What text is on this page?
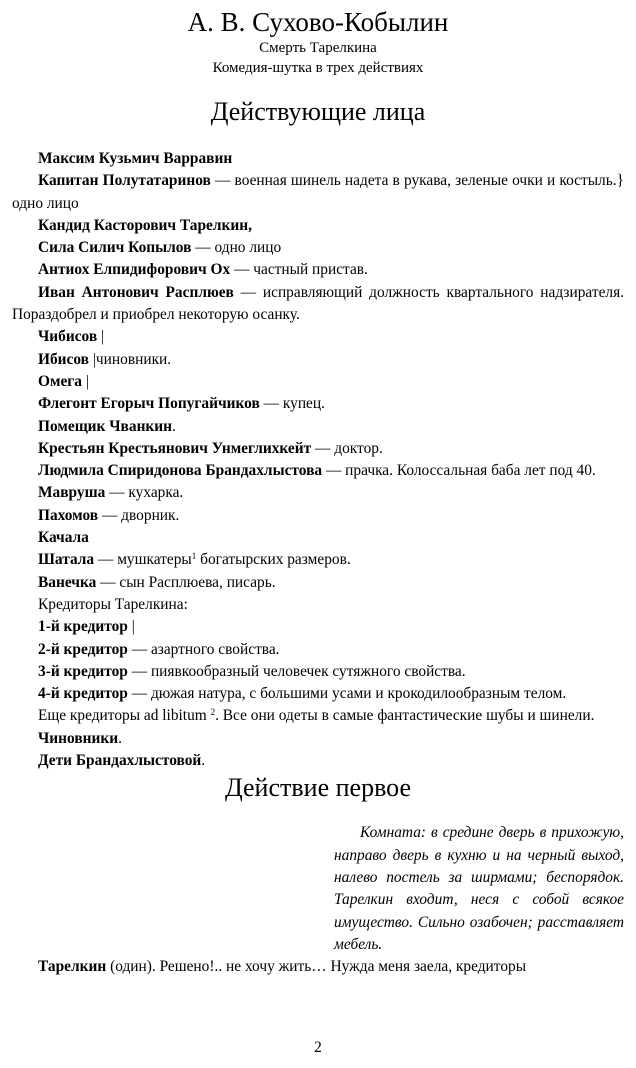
А. В. Сухово-Кобылин
Смерть Тарелкина
Комедия-шутка в трех действиях
Действующие лица

Максим Кузьмич Варравин

Капитан Полутатаринов — военная шинель надета в рукава, зеленые очки и костыль.} одно лицо

Кандид Касторович Тарелкин,

Сила Силич Копылов — одно лицо

Антиох Елпидифорович Ох — частный пристав.

Иван Антонович Расплюев — исправляющий должность квартального надзирателя. Пораздобрел и приобрел некоторую осанку.

Чибисов |

Ибисов |чиновники.

Омега |

Флегонт Егорыч Попугайчиков — купец.

Помещик Чванкин.

Крестьян Крестьянович Унмеглихкейт — доктор.

Людмила Спиридонова Брандахлыстова — прачка. Колоссальная баба лет под 40.

Мавруша — кухарка.

Пахомов — дворник.

Качала

Шатала — мушкатеры$^1$ богатырских размеров.

Ванечка — сын Расплюева, писарь.

Кредиторы Тарелкина:

1-й кредитор |

2-й кредитор — азартного свойства.

3-й кредитор — пиявкообразный человечек сутяжного свойства.

4-й кредитор — дюжая натура, с большими усами и крокодилообразным телом.

Еще кредиторы ad libitum $^2$. Все они одеты в самые фантастические шубы и шинели.

Чиновники.

Дети Брандахлыстовой.

Действие первое
Комната: в средине дверь в прихожую, направо дверь в кухню и на черный выход, налево постель за ширмами; беспорядок. Тарелкин входит, неся с собой всякое имущество. Сильно озабочен; расставляет мебель.

Тарелкин (один). Решено!.. не хочу жить… Нужда меня заела, кредиторы

2
